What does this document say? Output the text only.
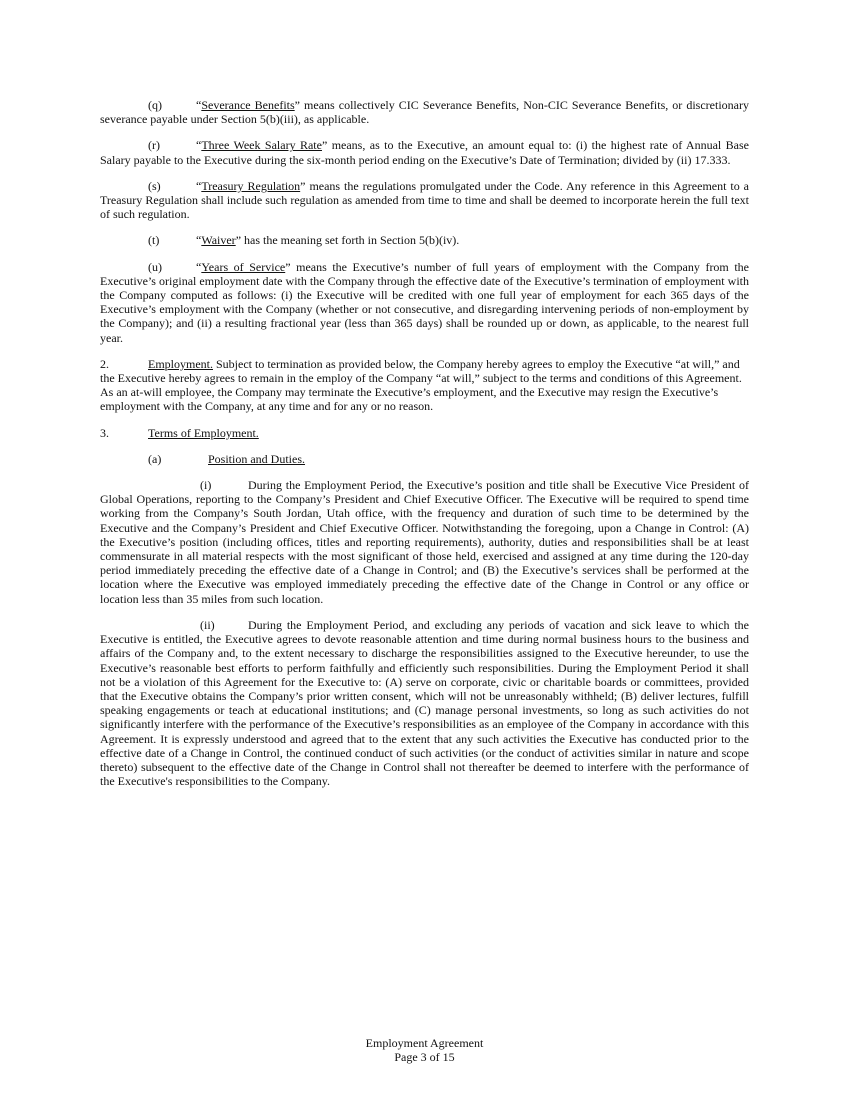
(q)	“Severance Benefits” means collectively CIC Severance Benefits, Non-CIC Severance Benefits, or discretionary severance payable under Section 5(b)(iii), as applicable.

(r)	“Three Week Salary Rate” means, as to the Executive, an amount equal to: (i) the highest rate of Annual Base Salary payable to the Executive during the six-month period ending on the Executive’s Date of Termination; divided by (ii) 17.333.

(s)	“Treasury Regulation” means the regulations promulgated under the Code. Any reference in this Agreement to a Treasury Regulation shall include such regulation as amended from time to time and shall be deemed to incorporate herein the full text of such regulation.

(t)	“Waiver” has the meaning set forth in Section 5(b)(iv).

(u)	“Years of Service” means the Executive’s number of full years of employment with the Company from the Executive’s original employment date with the Company through the effective date of the Executive’s termination of employment with the Company computed as follows: (i) the Executive will be credited with one full year of employment for each 365 days of the Executive’s employment with the Company (whether or not consecutive, and disregarding intervening periods of non-employment by the Company); and (ii) a resulting fractional year (less than 365 days) shall be rounded up or down, as applicable, to the nearest full year.

2.	Employment. Subject to termination as provided below, the Company hereby agrees to employ the Executive “at will,” and the Executive hereby agrees to remain in the employ of the Company “at will,” subject to the terms and conditions of this Agreement. As an at-will employee, the Company may terminate the Executive’s employment, and the Executive may resign the Executive’s employment with the Company, at any time and for any or no reason.

3.	Terms of Employment.

(a)	Position and Duties.

(i)	During the Employment Period, the Executive’s position and title shall be Executive Vice President of Global Operations, reporting to the Company’s President and Chief Executive Officer. The Executive will be required to spend time working from the Company’s South Jordan, Utah office, with the frequency and duration of such time to be determined by the Executive and the Company’s President and Chief Executive Officer. Notwithstanding the foregoing, upon a Change in Control: (A) the Executive’s position (including offices, titles and reporting requirements), authority, duties and responsibilities shall be at least commensurate in all material respects with the most significant of those held, exercised and assigned at any time during the 120-day period immediately preceding the effective date of a Change in Control; and (B) the Executive’s services shall be performed at the location where the Executive was employed immediately preceding the effective date of the Change in Control or any office or location less than 35 miles from such location.

(ii)	During the Employment Period, and excluding any periods of vacation and sick leave to which the Executive is entitled, the Executive agrees to devote reasonable attention and time during normal business hours to the business and affairs of the Company and, to the extent necessary to discharge the responsibilities assigned to the Executive hereunder, to use the Executive’s reasonable best efforts to perform faithfully and efficiently such responsibilities. During the Employment Period it shall not be a violation of this Agreement for the Executive to: (A) serve on corporate, civic or charitable boards or committees, provided that the Executive obtains the Company’s prior written consent, which will not be unreasonably withheld; (B) deliver lectures, fulfill speaking engagements or teach at educational institutions; and (C) manage personal investments, so long as such activities do not significantly interfere with the performance of the Executive’s responsibilities as an employee of the Company in accordance with this Agreement. It is expressly understood and agreed that to the extent that any such activities the Executive has conducted prior to the effective date of a Change in Control, the continued conduct of such activities (or the conduct of activities similar in nature and scope thereto) subsequent to the effective date of the Change in Control shall not thereafter be deemed to interfere with the performance of the Executive's responsibilities to the Company.

Employment Agreement
Page 3 of 15
